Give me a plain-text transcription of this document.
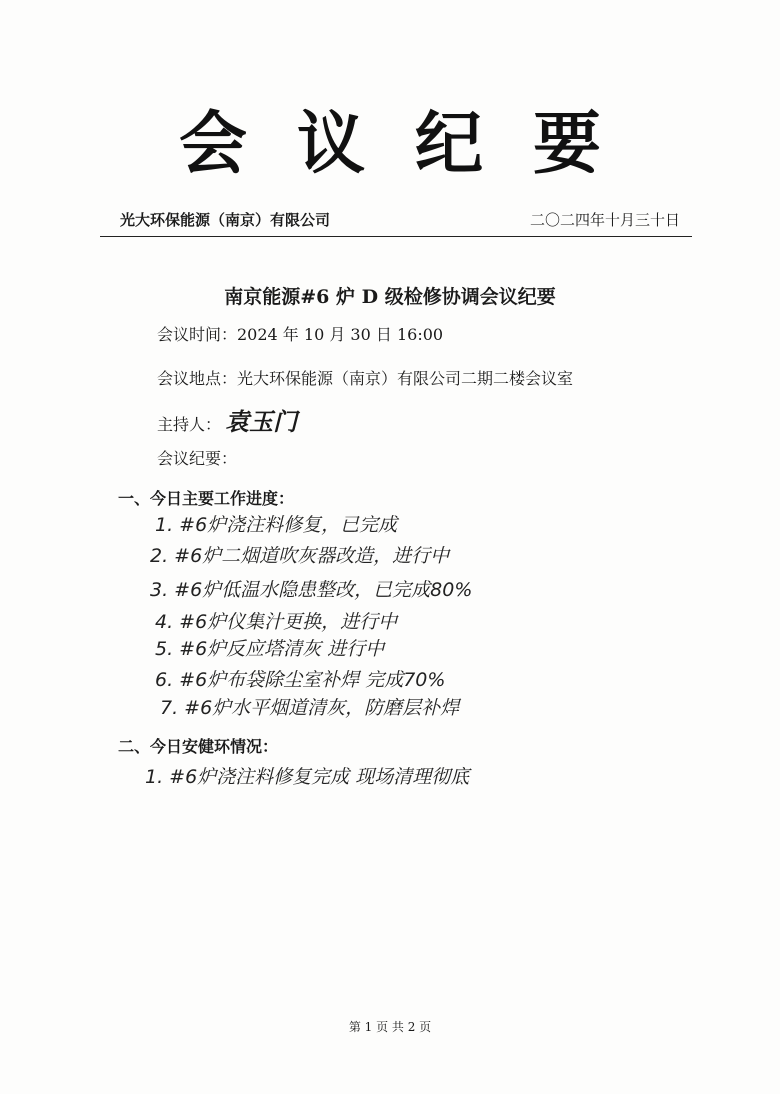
会议纪要
光大环保能源（南京）有限公司	二〇二四年十月三十日
南京能源#6 炉 D 级检修协调会议纪要
会议时间：2024 年 10 月 30 日 16:00
会议地点：光大环保能源（南京）有限公司二期二楼会议室
主持人： 袁玉门
会议纪要：
一、今日主要工作进度：
1. #6炉浇注料修复，已完成
2. #6炉二烟道吹灰器改造，进行中
3. #6炉低温水隐患整改，已完成80%
4. #6炉仪集汁更换，进行中
5. #6炉反应塔清灰 进行中
6. #6炉布袋除尘室补焊 完成70%
7. #6炉水平烟道清灰，防磨层补焊
二、今日安健环情况：
1. #6炉浇注料修复完成 现场清理彻底
第 1 页 共 2 页
